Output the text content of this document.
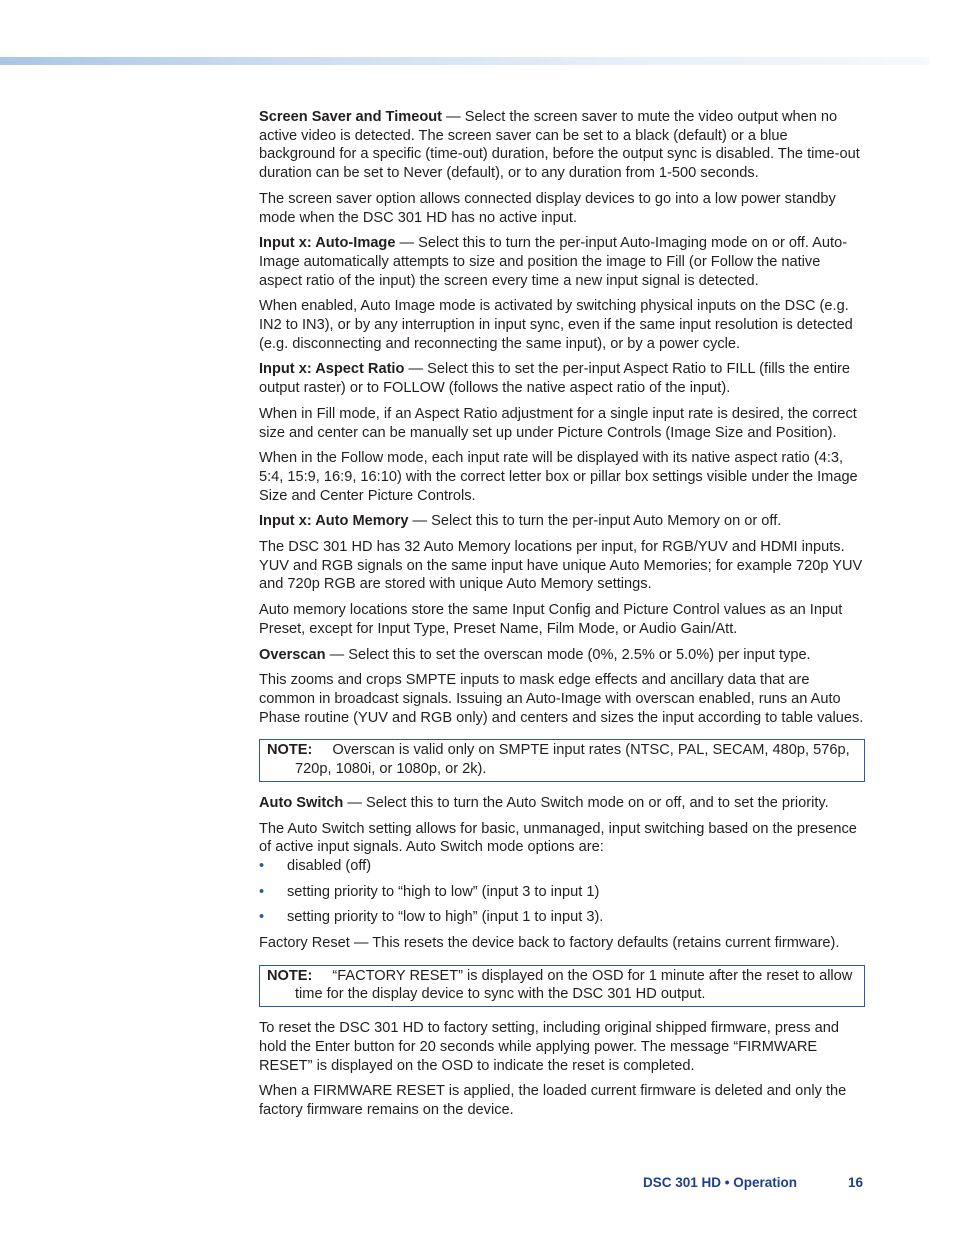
Screen Saver and Timeout — Select the screen saver to mute the video output when no active video is detected. The screen saver can be set to a black (default) or a blue background for a specific (time-out) duration, before the output sync is disabled. The time-out duration can be set to Never (default), or to any duration from 1-500 seconds.

The screen saver option allows connected display devices to go into a low power standby mode when the DSC 301 HD has no active input.

Input x: Auto-Image — Select this to turn the per-input Auto-Imaging mode on or off. Auto-Image automatically attempts to size and position the image to Fill (or Follow the native aspect ratio of the input) the screen every time a new input signal is detected.

When enabled, Auto Image mode is activated by switching physical inputs on the DSC (e.g. IN2 to IN3), or by any interruption in input sync, even if the same input resolution is detected (e.g. disconnecting and reconnecting the same input), or by a power cycle.

Input x: Aspect Ratio — Select this to set the per-input Aspect Ratio to FILL (fills the entire output raster) or to FOLLOW (follows the native aspect ratio of the input).

When in Fill mode, if an Aspect Ratio adjustment for a single input rate is desired, the correct size and center can be manually set up under Picture Controls (Image Size and Position).

When in the Follow mode, each input rate will be displayed with its native aspect ratio (4:3, 5:4, 15:9, 16:9, 16:10) with the correct letter box or pillar box settings visible under the Image Size and Center Picture Controls.

Input x: Auto Memory — Select this to turn the per-input Auto Memory on or off.

The DSC 301 HD has 32 Auto Memory locations per input, for RGB/YUV and HDMI inputs. YUV and RGB signals on the same input have unique Auto Memories; for example 720p YUV and 720p RGB are stored with unique Auto Memory settings.

Auto memory locations store the same Input Config and Picture Control values as an Input Preset, except for Input Type, Preset Name, Film Mode, or Audio Gain/Att.

Overscan — Select this to set the overscan mode (0%, 2.5% or 5.0%) per input type.

This zooms and crops SMPTE inputs to mask edge effects and ancillary data that are common in broadcast signals. Issuing an Auto-Image with overscan enabled, runs an Auto Phase routine (YUV and RGB only) and centers and sizes the input according to table values.

NOTE: Overscan is valid only on SMPTE input rates (NTSC, PAL, SECAM, 480p, 576p, 720p, 1080i, or 1080p, or 2k).

Auto Switch — Select this to turn the Auto Switch mode on or off, and to set the priority.

The Auto Switch setting allows for basic, unmanaged, input switching based on the presence of active input signals. Auto Switch mode options are:

• disabled (off)
• setting priority to “high to low” (input 3 to input 1)
• setting priority to “low to high” (input 1 to input 3).

Factory Reset — This resets the device back to factory defaults (retains current firmware).

NOTE: “FACTORY RESET” is displayed on the OSD for 1 minute after the reset to allow time for the display device to sync with the DSC 301 HD output.

To reset the DSC 301 HD to factory setting, including original shipped firmware, press and hold the Enter button for 20 seconds while applying power. The message “FIRMWARE RESET” is displayed on the OSD to indicate the reset is completed.

When a FIRMWARE RESET is applied, the loaded current firmware is deleted and only the factory firmware remains on the device.

DSC 301 HD • Operation	16
